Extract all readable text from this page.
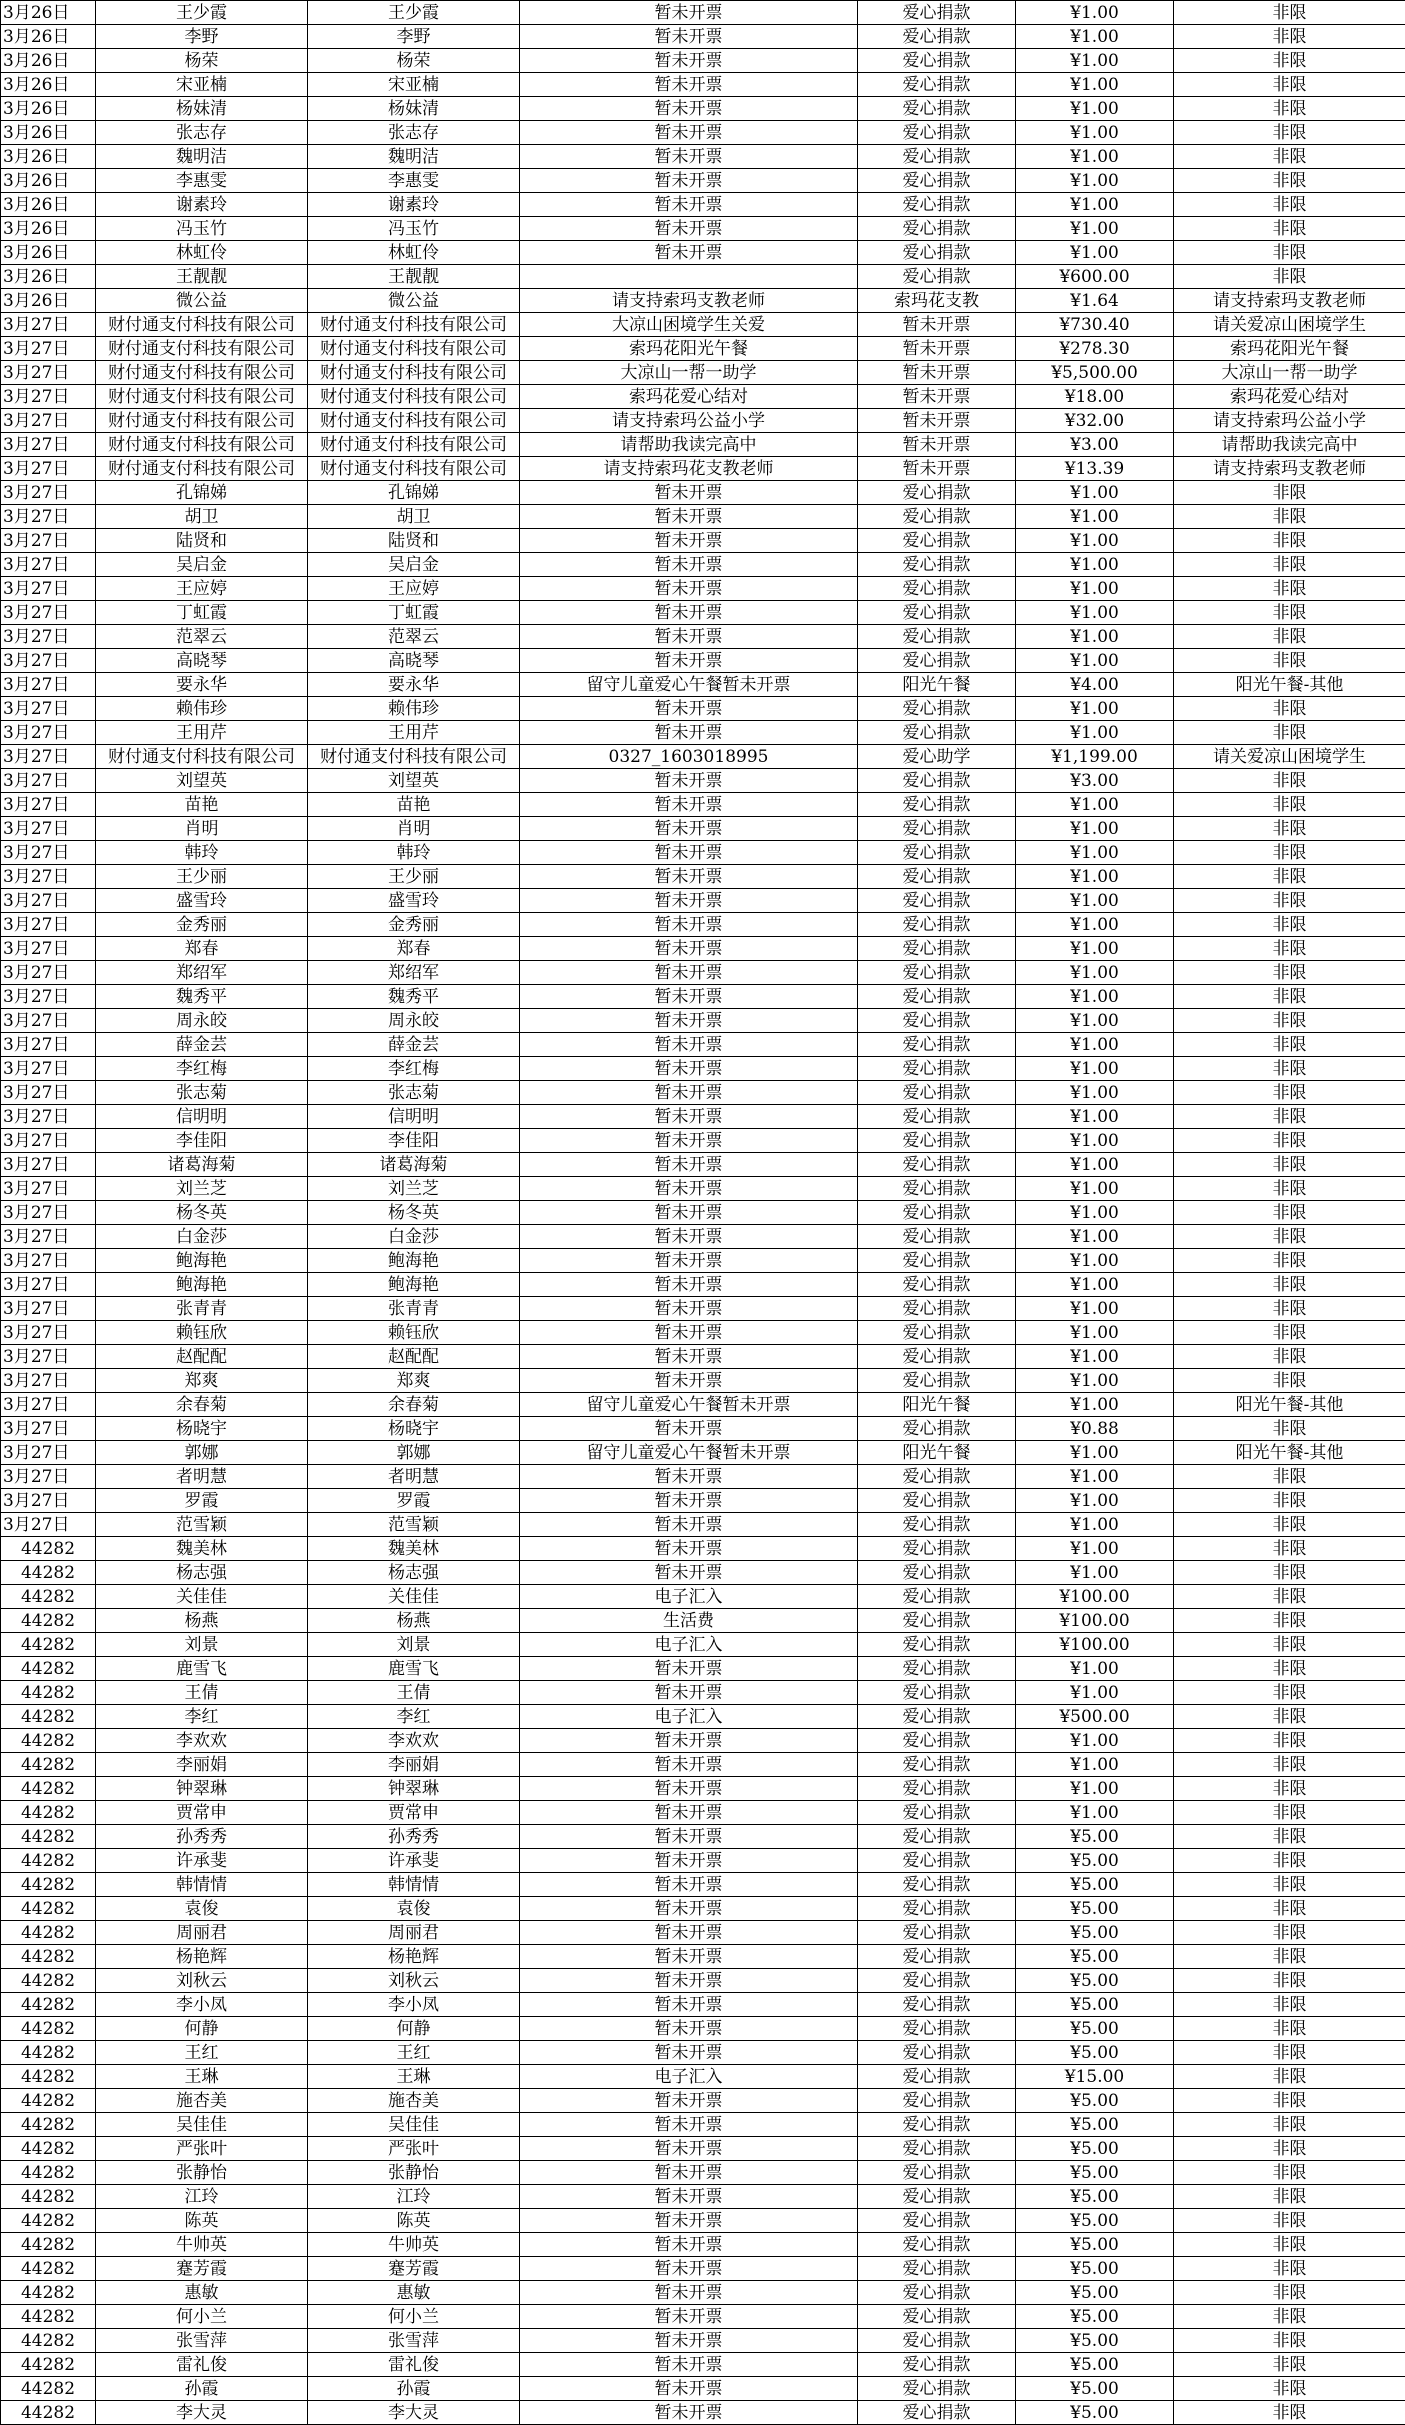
3月26日	王少霞	王少霞	暂未开票	爱心捐款	¥1.00	非限
3月26日	李野	李野	暂未开票	爱心捐款	¥1.00	非限
3月26日	杨荣	杨荣	暂未开票	爱心捐款	¥1.00	非限
3月26日	宋亚楠	宋亚楠	暂未开票	爱心捐款	¥1.00	非限
3月26日	杨妹清	杨妹清	暂未开票	爱心捐款	¥1.00	非限
3月26日	张志存	张志存	暂未开票	爱心捐款	¥1.00	非限
3月26日	魏明洁	魏明洁	暂未开票	爱心捐款	¥1.00	非限
3月26日	李惠雯	李惠雯	暂未开票	爱心捐款	¥1.00	非限
3月26日	谢素玲	谢素玲	暂未开票	爱心捐款	¥1.00	非限
3月26日	冯玉竹	冯玉竹	暂未开票	爱心捐款	¥1.00	非限
3月26日	林虹伶	林虹伶	暂未开票	爱心捐款	¥1.00	非限
3月26日	王靓靓	王靓靓		爱心捐款	¥600.00	非限
3月26日	微公益	微公益	请支持索玛支教老师	索玛花支教	¥1.64	请支持索玛支教老师
3月27日	财付通支付科技有限公司	财付通支付科技有限公司	大凉山困境学生关爱	暂未开票	¥730.40	请关爱凉山困境学生
3月27日	财付通支付科技有限公司	财付通支付科技有限公司	索玛花阳光午餐	暂未开票	¥278.30	索玛花阳光午餐
3月27日	财付通支付科技有限公司	财付通支付科技有限公司	大凉山一帮一助学	暂未开票	¥5,500.00	大凉山一帮一助学
3月27日	财付通支付科技有限公司	财付通支付科技有限公司	索玛花爱心结对	暂未开票	¥18.00	索玛花爱心结对
3月27日	财付通支付科技有限公司	财付通支付科技有限公司	请支持索玛公益小学	暂未开票	¥32.00	请支持索玛公益小学
3月27日	财付通支付科技有限公司	财付通支付科技有限公司	请帮助我读完高中	暂未开票	¥3.00	请帮助我读完高中
3月27日	财付通支付科技有限公司	财付通支付科技有限公司	请支持索玛花支教老师	暂未开票	¥13.39	请支持索玛支教老师
3月27日	孔锦娣	孔锦娣	暂未开票	爱心捐款	¥1.00	非限
3月27日	胡卫	胡卫	暂未开票	爱心捐款	¥1.00	非限
3月27日	陆贤和	陆贤和	暂未开票	爱心捐款	¥1.00	非限
3月27日	吴启金	吴启金	暂未开票	爱心捐款	¥1.00	非限
3月27日	王应婷	王应婷	暂未开票	爱心捐款	¥1.00	非限
3月27日	丁虹霞	丁虹霞	暂未开票	爱心捐款	¥1.00	非限
3月27日	范翠云	范翠云	暂未开票	爱心捐款	¥1.00	非限
3月27日	高晓琴	高晓琴	暂未开票	爱心捐款	¥1.00	非限
3月27日	要永华	要永华	留守儿童爱心午餐暂未开票	阳光午餐	¥4.00	阳光午餐-其他
3月27日	赖伟珍	赖伟珍	暂未开票	爱心捐款	¥1.00	非限
3月27日	王用芹	王用芹	暂未开票	爱心捐款	¥1.00	非限
3月27日	财付通支付科技有限公司	财付通支付科技有限公司	0327_1603018995	爱心助学	¥1,199.00	请关爱凉山困境学生
3月27日	刘望英	刘望英	暂未开票	爱心捐款	¥3.00	非限
3月27日	苗艳	苗艳	暂未开票	爱心捐款	¥1.00	非限
3月27日	肖明	肖明	暂未开票	爱心捐款	¥1.00	非限
3月27日	韩玲	韩玲	暂未开票	爱心捐款	¥1.00	非限
3月27日	王少丽	王少丽	暂未开票	爱心捐款	¥1.00	非限
3月27日	盛雪玲	盛雪玲	暂未开票	爱心捐款	¥1.00	非限
3月27日	金秀丽	金秀丽	暂未开票	爱心捐款	¥1.00	非限
3月27日	郑春	郑春	暂未开票	爱心捐款	¥1.00	非限
3月27日	郑绍军	郑绍军	暂未开票	爱心捐款	¥1.00	非限
3月27日	魏秀平	魏秀平	暂未开票	爱心捐款	¥1.00	非限
3月27日	周永皎	周永皎	暂未开票	爱心捐款	¥1.00	非限
3月27日	薛金芸	薛金芸	暂未开票	爱心捐款	¥1.00	非限
3月27日	李红梅	李红梅	暂未开票	爱心捐款	¥1.00	非限
3月27日	张志菊	张志菊	暂未开票	爱心捐款	¥1.00	非限
3月27日	信明明	信明明	暂未开票	爱心捐款	¥1.00	非限
3月27日	李佳阳	李佳阳	暂未开票	爱心捐款	¥1.00	非限
3月27日	诸葛海菊	诸葛海菊	暂未开票	爱心捐款	¥1.00	非限
3月27日	刘兰芝	刘兰芝	暂未开票	爱心捐款	¥1.00	非限
3月27日	杨冬英	杨冬英	暂未开票	爱心捐款	¥1.00	非限
3月27日	白金莎	白金莎	暂未开票	爱心捐款	¥1.00	非限
3月27日	鲍海艳	鲍海艳	暂未开票	爱心捐款	¥1.00	非限
3月27日	鲍海艳	鲍海艳	暂未开票	爱心捐款	¥1.00	非限
3月27日	张青青	张青青	暂未开票	爱心捐款	¥1.00	非限
3月27日	赖钰欣	赖钰欣	暂未开票	爱心捐款	¥1.00	非限
3月27日	赵配配	赵配配	暂未开票	爱心捐款	¥1.00	非限
3月27日	郑爽	郑爽	暂未开票	爱心捐款	¥1.00	非限
3月27日	余春菊	余春菊	留守儿童爱心午餐暂未开票	阳光午餐	¥1.00	阳光午餐-其他
3月27日	杨晓宇	杨晓宇	暂未开票	爱心捐款	¥0.88	非限
3月27日	郭娜	郭娜	留守儿童爱心午餐暂未开票	阳光午餐	¥1.00	阳光午餐-其他
3月27日	者明慧	者明慧	暂未开票	爱心捐款	¥1.00	非限
3月27日	罗霞	罗霞	暂未开票	爱心捐款	¥1.00	非限
3月27日	范雪颖	范雪颖	暂未开票	爱心捐款	¥1.00	非限
44282	魏美林	魏美林	暂未开票	爱心捐款	¥1.00	非限
44282	杨志强	杨志强	暂未开票	爱心捐款	¥1.00	非限
44282	关佳佳	关佳佳	电子汇入	爱心捐款	¥100.00	非限
44282	杨燕	杨燕	生活费	爱心捐款	¥100.00	非限
44282	刘景	刘景	电子汇入	爱心捐款	¥100.00	非限
44282	鹿雪飞	鹿雪飞	暂未开票	爱心捐款	¥1.00	非限
44282	王倩	王倩	暂未开票	爱心捐款	¥1.00	非限
44282	李红	李红	电子汇入	爱心捐款	¥500.00	非限
44282	李欢欢	李欢欢	暂未开票	爱心捐款	¥1.00	非限
44282	李丽娟	李丽娟	暂未开票	爱心捐款	¥1.00	非限
44282	钟翠琳	钟翠琳	暂未开票	爱心捐款	¥1.00	非限
44282	贾常申	贾常申	暂未开票	爱心捐款	¥1.00	非限
44282	孙秀秀	孙秀秀	暂未开票	爱心捐款	¥5.00	非限
44282	许承斐	许承斐	暂未开票	爱心捐款	¥5.00	非限
44282	韩情情	韩情情	暂未开票	爱心捐款	¥5.00	非限
44282	袁俊	袁俊	暂未开票	爱心捐款	¥5.00	非限
44282	周丽君	周丽君	暂未开票	爱心捐款	¥5.00	非限
44282	杨艳辉	杨艳辉	暂未开票	爱心捐款	¥5.00	非限
44282	刘秋云	刘秋云	暂未开票	爱心捐款	¥5.00	非限
44282	李小凤	李小凤	暂未开票	爱心捐款	¥5.00	非限
44282	何静	何静	暂未开票	爱心捐款	¥5.00	非限
44282	王红	王红	暂未开票	爱心捐款	¥5.00	非限
44282	王琳	王琳	电子汇入	爱心捐款	¥15.00	非限
44282	施杏美	施杏美	暂未开票	爱心捐款	¥5.00	非限
44282	吴佳佳	吴佳佳	暂未开票	爱心捐款	¥5.00	非限
44282	严张叶	严张叶	暂未开票	爱心捐款	¥5.00	非限
44282	张静怡	张静怡	暂未开票	爱心捐款	¥5.00	非限
44282	江玲	江玲	暂未开票	爱心捐款	¥5.00	非限
44282	陈英	陈英	暂未开票	爱心捐款	¥5.00	非限
44282	牛帅英	牛帅英	暂未开票	爱心捐款	¥5.00	非限
44282	蹇芳霞	蹇芳霞	暂未开票	爱心捐款	¥5.00	非限
44282	惠敏	惠敏	暂未开票	爱心捐款	¥5.00	非限
44282	何小兰	何小兰	暂未开票	爱心捐款	¥5.00	非限
44282	张雪萍	张雪萍	暂未开票	爱心捐款	¥5.00	非限
44282	雷礼俊	雷礼俊	暂未开票	爱心捐款	¥5.00	非限
44282	孙霞	孙霞	暂未开票	爱心捐款	¥5.00	非限
44282	李大灵	李大灵	暂未开票	爱心捐款	¥5.00	非限
